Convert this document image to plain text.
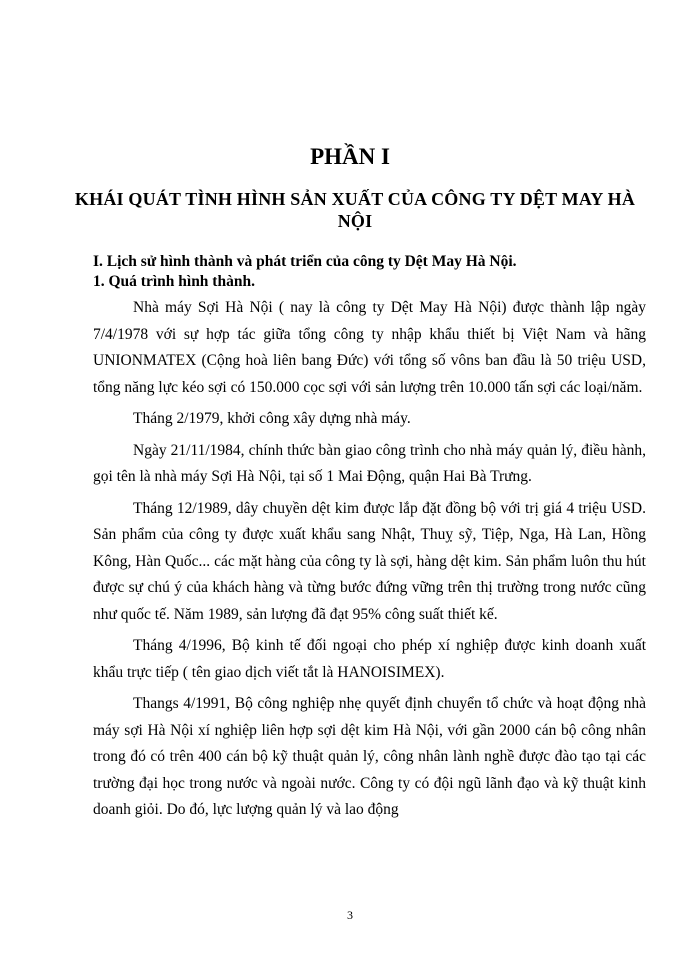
PHẦN I
KHÁI QUÁT TÌNH HÌNH SẢN XUẤT CỦA CÔNG TY DỆT MAY HÀ NỘI
I. Lịch sử hình thành và phát triển của công ty Dệt May Hà Nội.
1. Quá trình hình thành.

Nhà máy Sợi Hà Nội ( nay là công ty Dệt May Hà Nội) được thành lập ngày 7/4/1978 với sự hợp tác giữa tổng công ty nhập khẩu thiết bị Việt Nam và hãng UNIONMATEX (Cộng hoà liên bang Đức) với tổng số vôns ban đầu là 50 triệu USD, tổng năng lực kéo sợi có 150.000 cọc sợi với sản lượng trên 10.000 tấn sợi các loại/năm.

Tháng 2/1979, khởi công xây dựng nhà máy.

Ngày 21/11/1984, chính thức bàn giao công trình cho nhà máy quản lý, điều hành, gọi tên là nhà máy Sợi Hà Nội, tại số 1 Mai Động, quận Hai Bà Trưng.

Tháng 12/1989, dây chuyền dệt kim được lắp đặt đồng bộ với trị giá 4 triệu USD. Sản phẩm của công ty được xuất khẩu sang Nhật, Thuỵ sỹ, Tiệp, Nga, Hà Lan, Hồng Kông, Hàn Quốc... các mặt hàng của công ty là sợi, hàng dệt kim. Sản phẩm luôn thu hút được sự chú ý của khách hàng và từng bước đứng vững trên thị trường trong nước cũng như quốc tế. Năm 1989, sản lượng đã đạt 95% công suất thiết kế.

Tháng 4/1996, Bộ kinh tế đối ngoại cho phép xí nghiệp được kinh doanh xuất khẩu trực tiếp ( tên giao dịch viết tắt là HANOISIMEX).

Thangs 4/1991, Bộ công nghiệp nhẹ quyết định chuyển tổ chức và hoạt động nhà máy sợi Hà Nội xí nghiệp liên hợp sợi dệt kim Hà Nội, với gần 2000 cán bộ công nhân trong đó có trên 400 cán bộ kỹ thuật quản lý, công nhân lành nghề được đào tạo tại các trường đại học trong nước và ngoài nước. Công ty có đội ngũ lãnh đạo và kỹ thuật kinh doanh giỏi. Do đó, lực lượng quản lý và lao động

3
